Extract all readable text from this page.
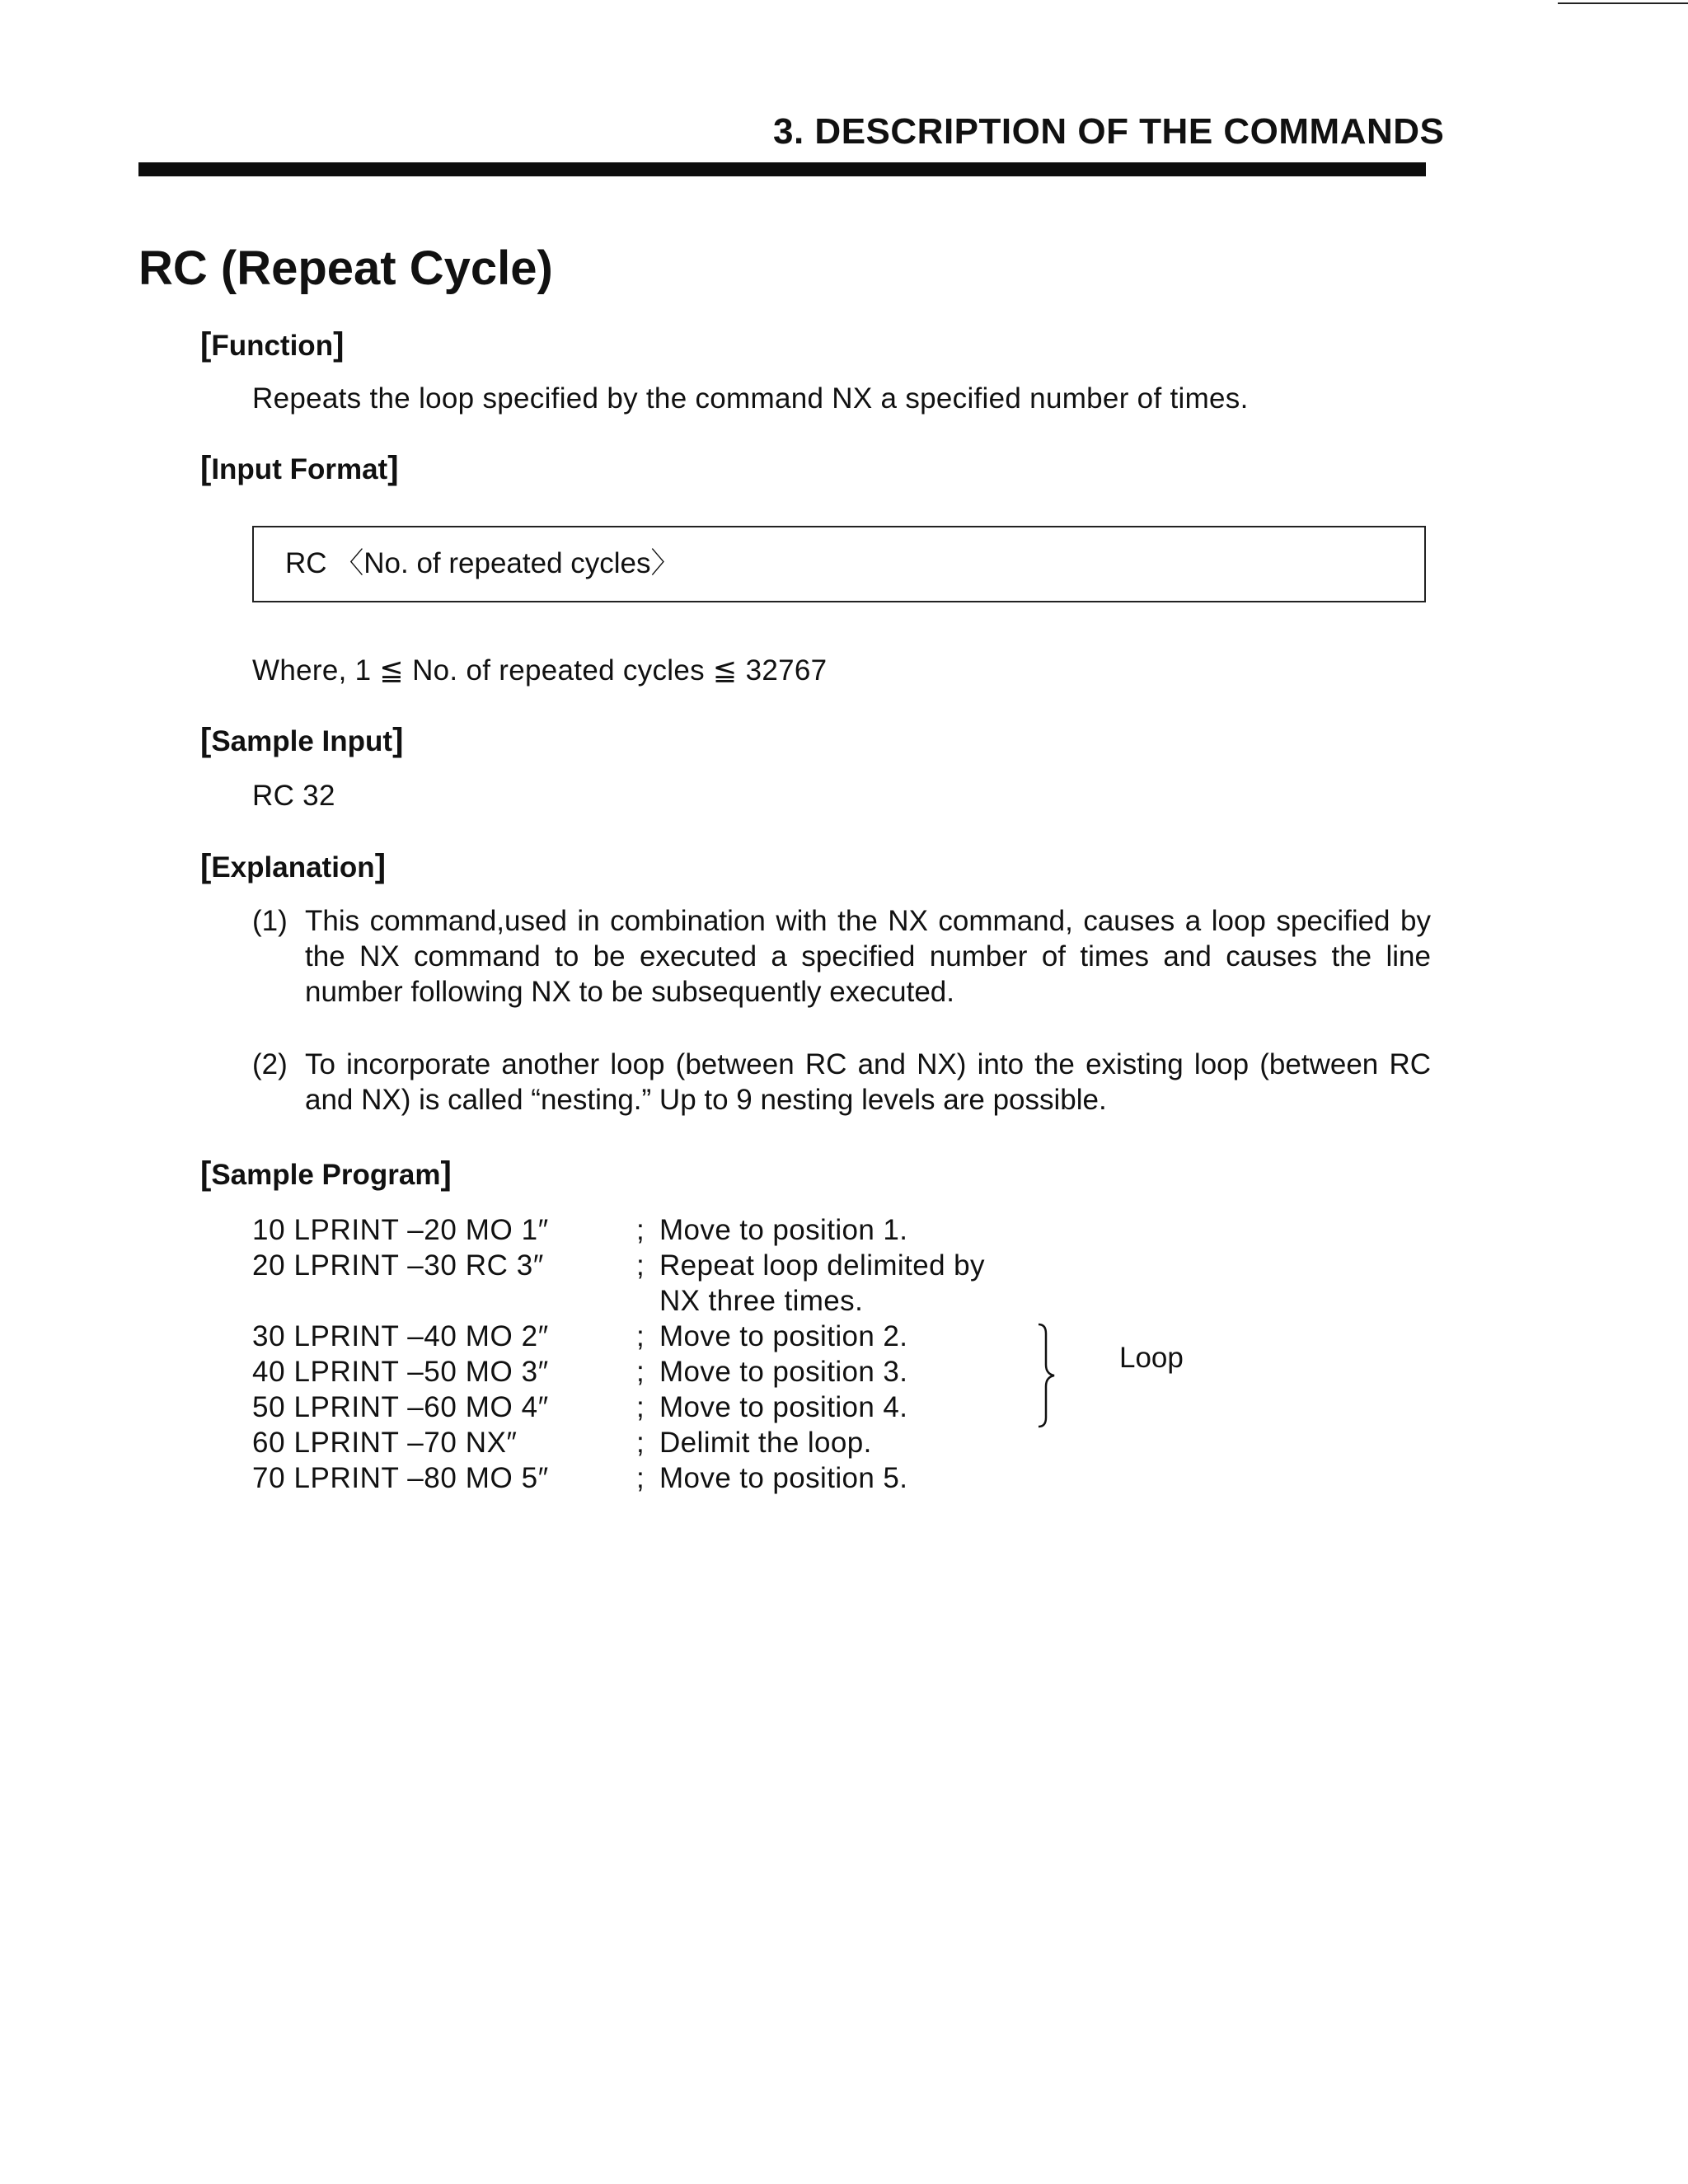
3. DESCRIPTION OF THE COMMANDS
RC (Repeat Cycle)
[Function]
Repeats the loop specified by the command NX a specified number of times.
[Input Format]
RC 〈No. of repeated cycles〉
Where, 1 ≦ No. of repeated cycles ≦ 32767
[Sample Input]
RC 32
[Explanation]
(1) This command,used in combination with the NX command, causes a loop specified by the NX command to be executed a specified number of times and causes the line number following NX to be subsequently executed.
(2) To incorporate another loop (between RC and NX) into the existing loop (between RC and NX) is called “nesting.” Up to 9 nesting levels are possible.
[Sample Program]
10 LPRINT –20 MO 1″	; Move to position 1.
20 LPRINT –30 RC 3″	; Repeat loop delimited by
NX three times.
30 LPRINT –40 MO 2″	; Move to position 2.
40 LPRINT –50 MO 3″	; Move to position 3.
50 LPRINT –60 MO 4″	; Move to position 4.
60 LPRINT –70 NX″	; Delimit the loop.
70 LPRINT –80 MO 5″	; Move to position 5.
Loop
